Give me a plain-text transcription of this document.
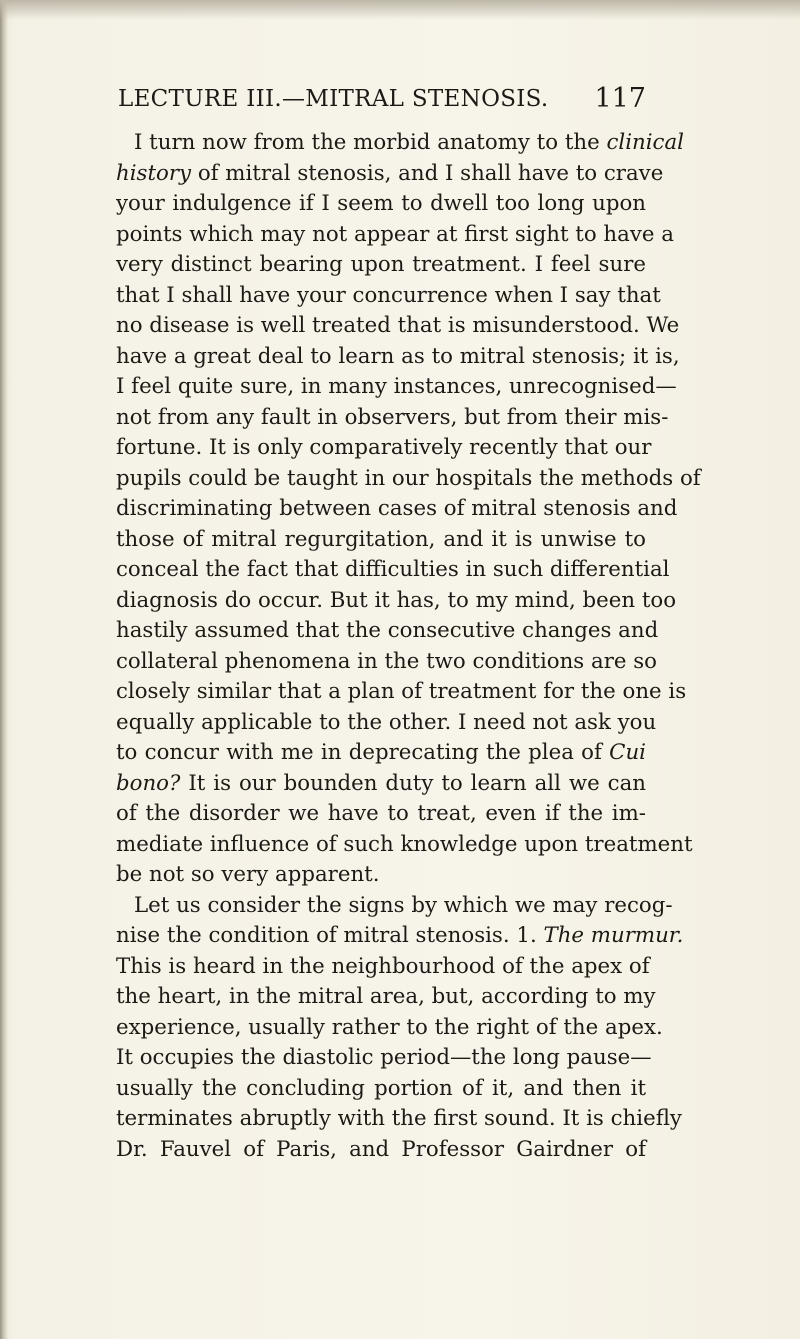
LECTURE III.—MITRAL STENOSIS. 117
I turn now from the morbid anatomy to the clinical
history of mitral stenosis, and I shall have to crave
your indulgence if I seem to dwell too long upon
points which may not appear at first sight to have a
very distinct bearing upon treatment. I feel sure
that I shall have your concurrence when I say that
no disease is well treated that is misunderstood. We
have a great deal to learn as to mitral stenosis; it is,
I feel quite sure, in many instances, unrecognised—
not from any fault in observers, but from their mis-
fortune. It is only comparatively recently that our
pupils could be taught in our hospitals the methods of
discriminating between cases of mitral stenosis and
those of mitral regurgitation, and it is unwise to
conceal the fact that difficulties in such differential
diagnosis do occur. But it has, to my mind, been too
hastily assumed that the consecutive changes and
collateral phenomena in the two conditions are so
closely similar that a plan of treatment for the one is
equally applicable to the other. I need not ask you
to concur with me in deprecating the plea of Cui
bono? It is our bounden duty to learn all we can
of the disorder we have to treat, even if the im-
mediate influence of such knowledge upon treatment
be not so very apparent.
Let us consider the signs by which we may recog-
nise the condition of mitral stenosis. 1. The murmur.
This is heard in the neighbourhood of the apex of
the heart, in the mitral area, but, according to my
experience, usually rather to the right of the apex.
It occupies the diastolic period—the long pause—
usually the concluding portion of it, and then it
terminates abruptly with the first sound. It is chiefly
Dr. Fauvel of Paris, and Professor Gairdner of
